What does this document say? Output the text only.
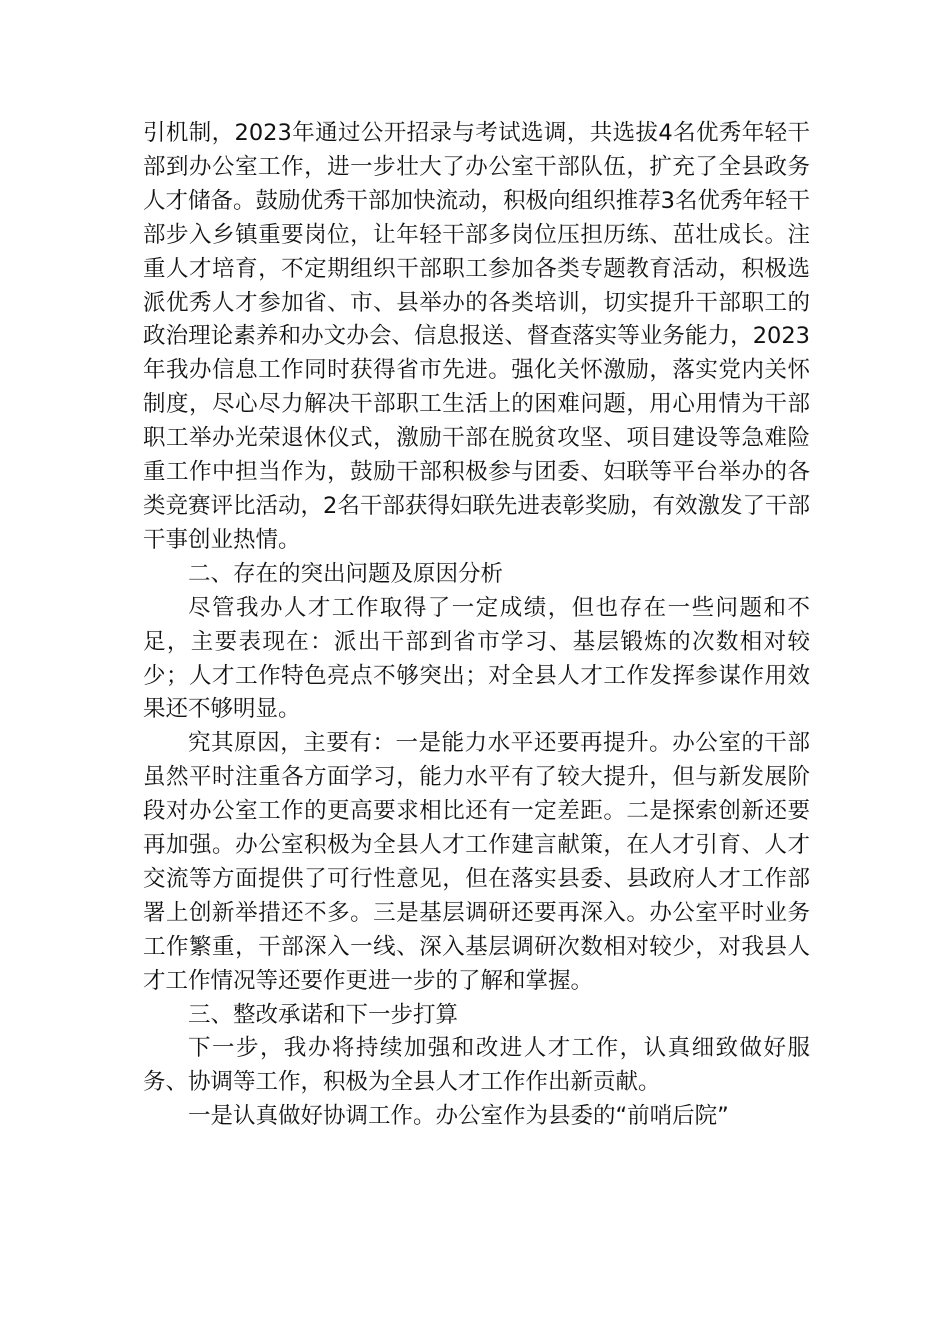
引机制，2023年通过公开招录与考试选调，共选拔4名优秀年轻干部到办公室工作，进一步壮大了办公室干部队伍，扩充了全县政务人才储备。鼓励优秀干部加快流动，积极向组织推荐3名优秀年轻干部步入乡镇重要岗位，让年轻干部多岗位压担历练、茁壮成长。注重人才培育，不定期组织干部职工参加各类专题教育活动，积极选派优秀人才参加省、市、县举办的各类培训，切实提升干部职工的政治理论素养和办文办会、信息报送、督查落实等业务能力，2023年我办信息工作同时获得省市先进。强化关怀激励，落实党内关怀制度，尽心尽力解决干部职工生活上的困难问题，用心用情为干部职工举办光荣退休仪式，激励干部在脱贫攻坚、项目建设等急难险重工作中担当作为，鼓励干部积极参与团委、妇联等平台举办的各类竞赛评比活动，2名干部获得妇联先进表彰奖励，有效激发了干部干事创业热情。

二、存在的突出问题及原因分析

尽管我办人才工作取得了一定成绩，但也存在一些问题和不足，主要表现在：派出干部到省市学习、基层锻炼的次数相对较少；人才工作特色亮点不够突出；对全县人才工作发挥参谋作用效果还不够明显。

究其原因，主要有：一是能力水平还要再提升。办公室的干部虽然平时注重各方面学习，能力水平有了较大提升，但与新发展阶段对办公室工作的更高要求相比还有一定差距。二是探索创新还要再加强。办公室积极为全县人才工作建言献策，在人才引育、人才交流等方面提供了可行性意见，但在落实县委、县政府人才工作部署上创新举措还不多。三是基层调研还要再深入。办公室平时业务工作繁重，干部深入一线、深入基层调研次数相对较少，对我县人才工作情况等还要作更进一步的了解和掌握。

三、整改承诺和下一步打算

下一步，我办将持续加强和改进人才工作，认真细致做好服务、协调等工作，积极为全县人才工作作出新贡献。

一是认真做好协调工作。办公室作为县委的“前哨后院”
